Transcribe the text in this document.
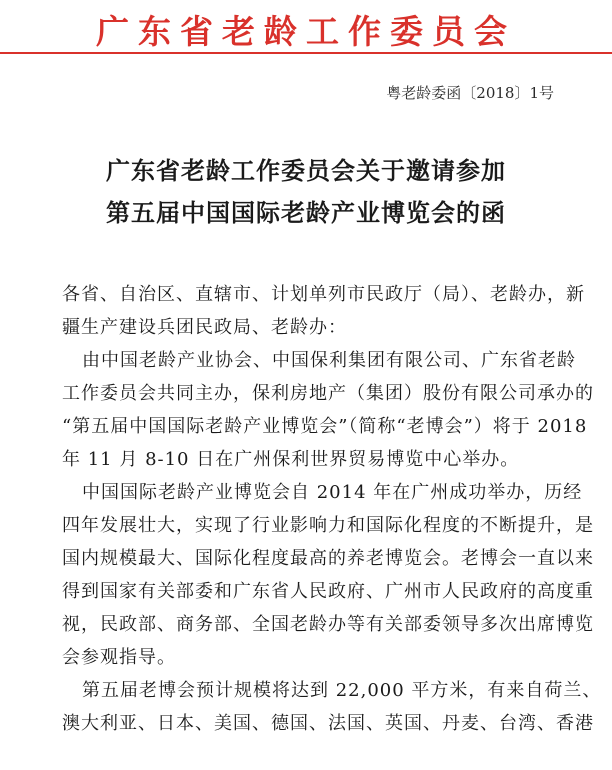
广东省老龄工作委员会
粤老龄委函〔2018〕1号
广东省老龄工作委员会关于邀请参加
第五届中国国际老龄产业博览会的函
各省、自治区、直辖市、计划单列市民政厅（局）、老龄办，新
疆生产建设兵团民政局、老龄办：
由中国老龄产业协会、中国保利集团有限公司、广东省老龄
工作委员会共同主办，保利房地产（集团）股份有限公司承办的
“第五届中国国际老龄产业博览会”（简称“老博会”）将于 2018
年 11 月 8-10 日在广州保利世界贸易博览中心举办。
中国国际老龄产业博览会自 2014 年在广州成功举办，历经
四年发展壮大，实现了行业影响力和国际化程度的不断提升，是
国内规模最大、国际化程度最高的养老博览会。老博会一直以来
得到国家有关部委和广东省人民政府、广州市人民政府的高度重
视，民政部、商务部、全国老龄办等有关部委领导多次出席博览
会参观指导。
第五届老博会预计规模将达到 22,000 平方米，有来自荷兰、
澳大利亚、日本、美国、德国、法国、英国、丹麦、台湾、香港
